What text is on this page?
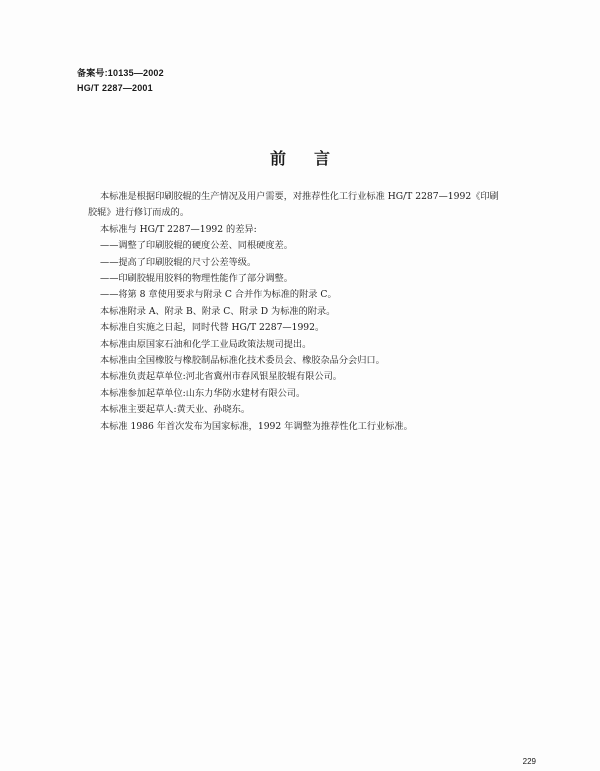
备案号:10135—2002
HG/T 2287—2001
前言

本标准是根据印刷胶辊的生产情况及用户需要，对推荐性化工行业标准 HG/T 2287—1992《印刷

胶辊》进行修订而成的。

本标准与 HG/T 2287—1992 的差异:

——调整了印刷胶辊的硬度公差、同根硬度差。

——提高了印刷胶辊的尺寸公差等级。

——印刷胶辊用胶料的物理性能作了部分调整。

——将第 8 章使用要求与附录 C 合并作为标准的附录 C。

本标准附录 A、附录 B、附录 C、附录 D 为标准的附录。

本标准自实施之日起，同时代替 HG/T 2287—1992。

本标准由原国家石油和化学工业局政策法规司提出。

本标准由全国橡胶与橡胶制品标准化技术委员会、橡胶杂品分会归口。

本标准负责起草单位:河北省冀州市春风银星胶辊有限公司。

本标准参加起草单位:山东力华防水建材有限公司。

本标准主要起草人:黄天业、孙晓东。

本标准 1986 年首次发布为国家标准，1992 年调整为推荐性化工行业标准。

229
